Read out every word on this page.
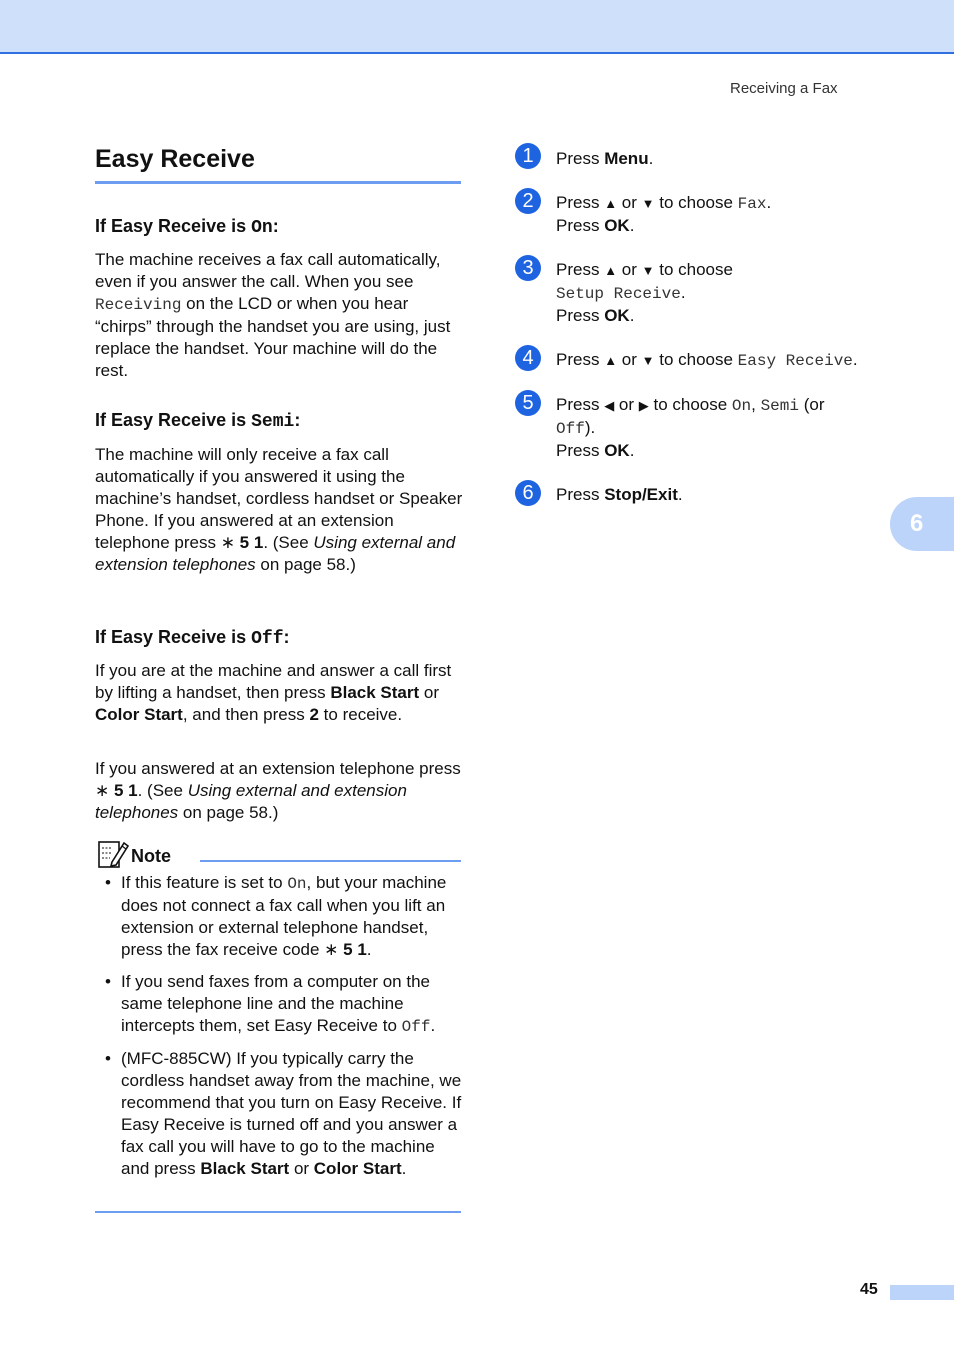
Receiving a Fax
Easy Receive
If Easy Receive is On:

The machine receives a fax call automatically, even if you answer the call. When you see Receiving on the LCD or when you hear “chirps” through the handset you are using, just replace the handset. Your machine will do the rest.

If Easy Receive is Semi:

The machine will only receive a fax call automatically if you answered it using the machine’s handset, cordless handset or Speaker Phone. If you answered at an extension telephone press ∗ 5 1. (See Using external and extension telephones on page 58.)

If Easy Receive is Off:

If you are at the machine and answer a call first by lifting a handset, then press Black Start or Color Start, and then press 2 to receive.

If you answered at an extension telephone press ∗ 5 1. (See Using external and extension telephones on page 58.)

Note
• If this feature is set to On, but your machine does not connect a fax call when you lift an extension or external telephone handset, press the fax receive code ∗ 5 1.
• If you send faxes from a computer on the same telephone line and the machine intercepts them, set Easy Receive to Off.
• (MFC-885CW) If you typically carry the cordless handset away from the machine, we recommend that you turn on Easy Receive. If Easy Receive is turned off and you answer a fax call you will have to go to the machine and press Black Start or Color Start.
1	Press Menu.
2	Press ▲ or ▼ to choose Fax.
Press OK.
3	Press ▲ or ▼ to choose
Setup Receive.
Press OK.
4	Press ▲ or ▼ to choose Easy Receive.
5	Press ◀ or ▶ to choose On, Semi (or
Off).
Press OK.
6	Press Stop/Exit.
6
45
